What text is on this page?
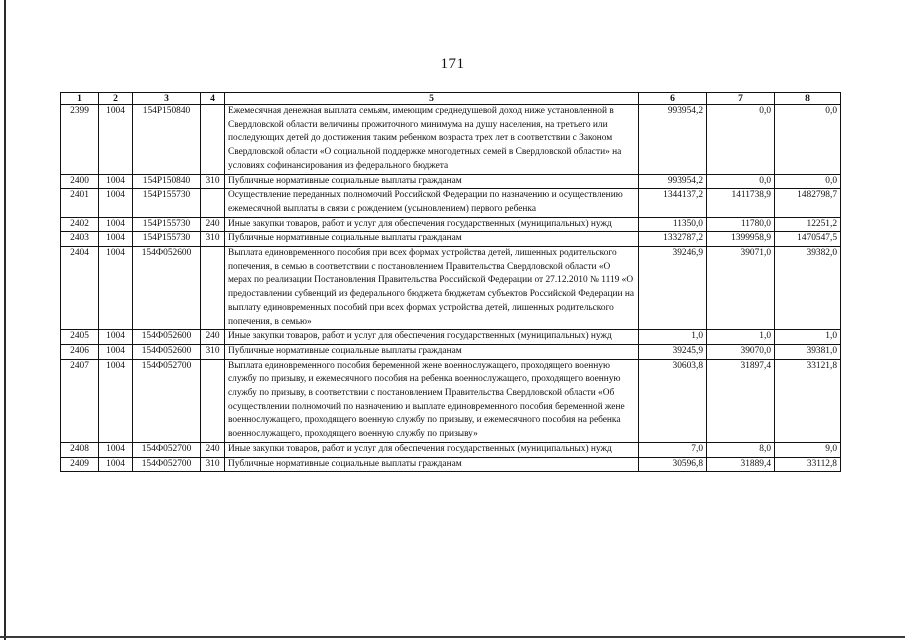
171
1	2	3	4	5	6	7	8
2399	1004	154P150840		Ежемесячная денежная выплата семьям, имеющим среднедушевой доход ниже установленной в Свердловской области величины прожиточного минимума на душу населения, на третьего или последующих детей до достижения таким ребенком возраста трех лет в соответствии с Законом Свердловской области «О социальной поддержке многодетных семей в Свердловской области» на условиях софинансирования из федерального бюджета	993954,2	0,0	0,0
2400	1004	154P150840	310	Публичные нормативные социальные выплаты гражданам	993954,2	0,0	0,0
2401	1004	154P155730		Осуществление переданных полномочий Российской Федерации по назначению и осуществлению ежемесячной выплаты в связи с рождением (усыновлением) первого ребенка	1344137,2	1411738,9	1482798,7
2402	1004	154P155730	240	Иные закупки товаров, работ и услуг для обеспечения государственных (муниципальных) нужд	11350,0	11780,0	12251,2
2403	1004	154P155730	310	Публичные нормативные социальные выплаты гражданам	1332787,2	1399958,9	1470547,5
2404	1004	154Ф052600		Выплата единовременного пособия при всех формах устройства детей, лишенных родительского попечения, в семью в соответствии с постановлением Правительства Свердловской области «О мерах по реализации Постановления Правительства Российской Федерации от 27.12.2010 № 1119 «О предоставлении субвенций из федерального бюджета бюджетам субъектов Российской Федерации на выплату единовременных пособий при всех формах устройства детей, лишенных родительского попечения, в семью»	39246,9	39071,0	39382,0
2405	1004	154Ф052600	240	Иные закупки товаров, работ и услуг для обеспечения государственных (муниципальных) нужд	1,0	1,0	1,0
2406	1004	154Ф052600	310	Публичные нормативные социальные выплаты гражданам	39245,9	39070,0	39381,0
2407	1004	154Ф052700		Выплата единовременного пособия беременной жене военнослужащего, проходящего военную службу по призыву, и ежемесячного пособия на ребенка военнослужащего, проходящего военную службу по призыву, в соответствии с постановлением Правительства Свердловской области «Об осуществлении полномочий по назначению и выплате единовременного пособия беременной жене военнослужащего, проходящего военную службу по призыву, и ежемесячного пособия на ребенка военнослужащего, проходящего военную службу по призыву»	30603,8	31897,4	33121,8
2408	1004	154Ф052700	240	Иные закупки товаров, работ и услуг для обеспечения государственных (муниципальных) нужд	7,0	8,0	9,0
2409	1004	154Ф052700	310	Публичные нормативные социальные выплаты гражданам	30596,8	31889,4	33112,8
